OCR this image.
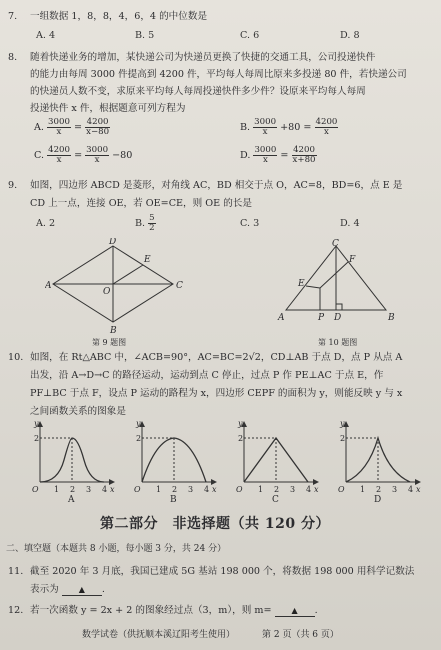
7. 一组数据 1，8，8，4，6，4 的中位数是
A. 4	B. 5	C. 6	D. 8
8. 随着快递业务的增加，某快递公司为快递员更换了快捷的交通工具，公司投递快件
的能力由每周 3000 件提高到 4200 件，平均每人每周比原来多投递 80 件，若快递公司
的快递员人数不变，求原来平均每人每周投递快件多少件？设原来平均每人每周
投递快件 x 件，根据题意可列方程为
A. $\frac{3000}{x} = \frac{4200}{x-80}$	B. $\frac{3000}{x} +80 = \frac{4200}{x}$
C. $\frac{4200}{x} = \frac{3000}{x} -80$	D. $\frac{3000}{x} = \frac{4200}{x+80}$
9. 如图，四边形 ABCD 是菱形，对角线 AC，BD 相交于点 O，AC=8，BD=6，点 E 是
CD 上一点，连接 OE，若 OE=CE，则 OE 的长是
A. 2	B. $\frac{5}{2}$	C. 3	D. 4
D
C
A
B
E
O
第 9 题图
C
F
E
A	P D	B
第 10 题图
10. 如图，在 Rt△ABC 中，∠ACB=90°，AC=BC=2√2，CD⊥AB 于点 D，点 P 从点 A
出发，沿 A→D→C 的路径运动，运动到点 C 停止，过点 P 作 PE⊥AC 于点 E，作
PF⊥BC 于点 F，设点 P 运动的路程为 x，四边形 CEPF 的面积为 y，则能反映 y 与 x
之间函数关系的图象是
y
2
O 1 2 3 4 x
A
y
2
O 1 2 3 4 x
B
y
2
O 1 2 3 4 x
C
y
2
O 1 2 3 4 x
D
第二部分　非选择题（共 120 分）
二、填空题（本题共 8 小题，每小题 3 分，共 24 分）
11. 截至 2020 年 3 月底，我国已建成 5G 基站 198 000 个，将数据 198 000 用科学记数法
表示为 ▲ .
12. 若一次函数 y = 2x + 2 的图象经过点（3，m），则 m= ▲ .
数学试卷（供抚顺本溪辽阳考生使用）	第 2 页（共 6 页）
